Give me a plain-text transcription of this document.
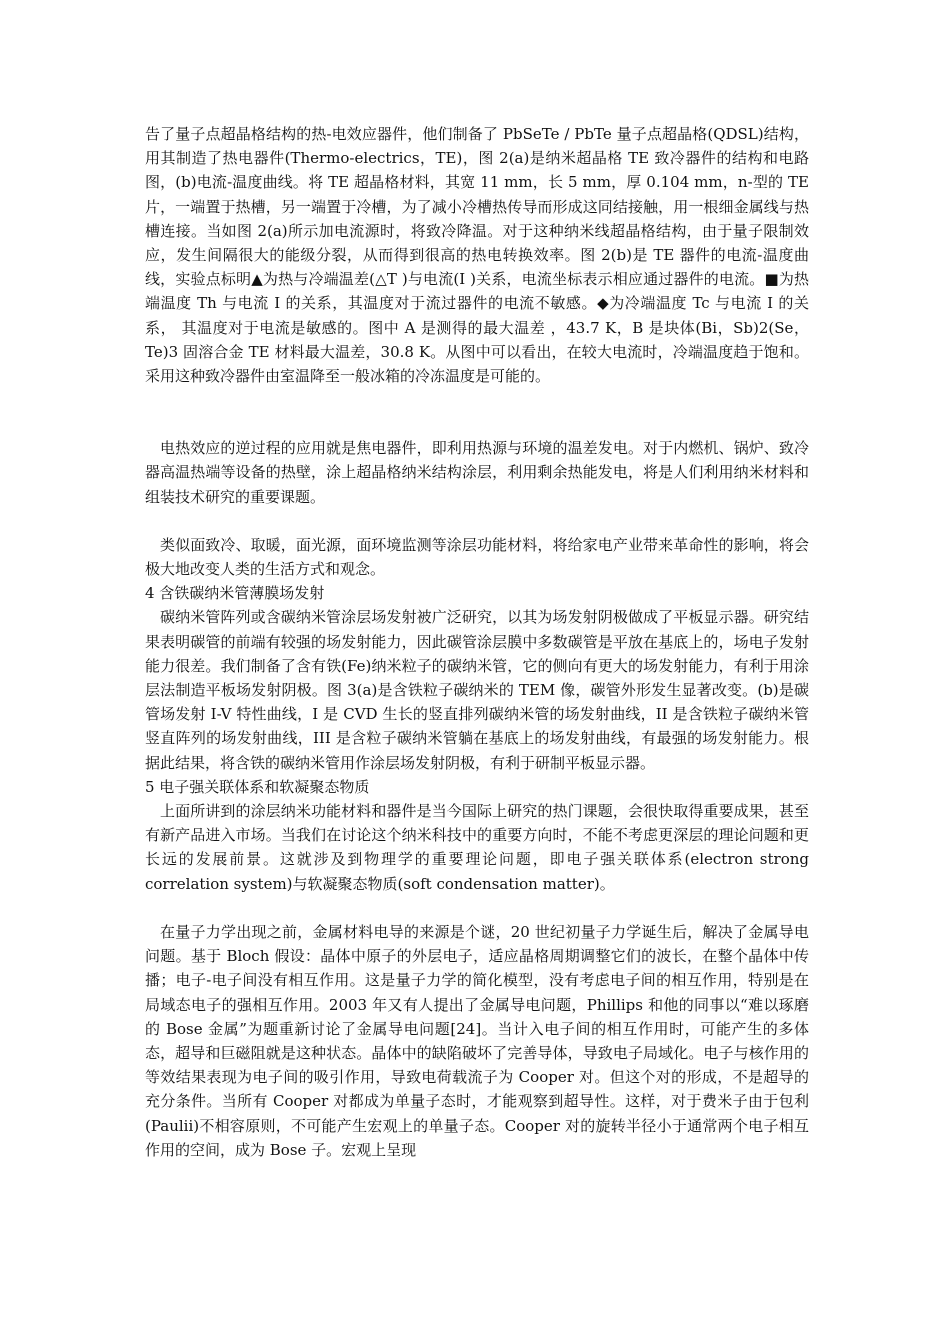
告了量子点超晶格结构的热-电效应器件，他们制备了 PbSeTe / PbTe 量子点超晶格(QDSL)结构，用其制造了热电器件(Thermo-electrics，TE)，图 2(a)是纳米超晶格 TE 致冷器件的结构和电路图，(b)电流-温度曲线。将 TE 超晶格材料，其宽 11 mm，长 5 mm，厚 0.104 mm，n-型的 TE 片，一端置于热槽，另一端置于冷槽，为了减小冷槽热传导而形成这同结接触，用一根细金属线与热槽连接。当如图 2(a)所示加电流源时，将致冷降温。对于这种纳米线超晶格结构，由于量子限制效应，发生间隔很大的能级分裂，从而得到很高的热电转换效率。图 2(b)是 TE 器件的电流-温度曲线，实验点标明▲为热与冷端温差(△T )与电流(I )关系，电流坐标表示相应通过器件的电流。■为热端温度 Th 与电流 I 的关系，其温度对于流过器件的电流不敏感。◆为冷端温度 Tc 与电流 I 的关系， 其温度对于电流是敏感的。图中 A 是测得的最大温差 ，43.7 K，B 是块体(Bi，Sb)2(Se，Te)3 固溶合金 TE 材料最大温差，30.8 K。从图中可以看出，在较大电流时，冷端温度趋于饱和。采用这种致冷器件由室温降至一般冰箱的冷冻温度是可能的。

电热效应的逆过程的应用就是焦电器件，即利用热源与环境的温差发电。对于内燃机、锅炉、致冷器高温热端等设备的热壁，涂上超晶格纳米结构涂层，利用剩余热能发电，将是人们利用纳米材料和组装技术研究的重要课题。

类似面致冷、取暖，面光源，面环境监测等涂层功能材料，将给家电产业带来革命性的影响，将会极大地改变人类的生活方式和观念。

4 含铁碳纳米管薄膜场发射

碳纳米管阵列或含碳纳米管涂层场发射被广泛研究，以其为场发射阴极做成了平板显示器。研究结果表明碳管的前端有较强的场发射能力，因此碳管涂层膜中多数碳管是平放在基底上的，场电子发射能力很差。我们制备了含有铁(Fe)纳米粒子的碳纳米管，它的侧向有更大的场发射能力，有利于用涂层法制造平板场发射阴极。图 3(a)是含铁粒子碳纳米的 TEM 像，碳管外形发生显著改变。(b)是碳管场发射 I-V 特性曲线，I 是 CVD 生长的竖直排列碳纳米管的场发射曲线，II 是含铁粒子碳纳米管竖直阵列的场发射曲线，III 是含粒子碳纳米管躺在基底上的场发射曲线，有最强的场发射能力。根据此结果，将含铁的碳纳米管用作涂层场发射阴极，有利于研制平板显示器。

5 电子强关联体系和软凝聚态物质

上面所讲到的涂层纳米功能材料和器件是当今国际上研究的热门课题，会很快取得重要成果，甚至有新产品进入市场。当我们在讨论这个纳米科技中的重要方向时，不能不考虑更深层的理论问题和更长远的发展前景。这就涉及到物理学的重要理论问题，即电子强关联体系(electron strong correlation system)与软凝聚态物质(soft condensation matter)。

在量子力学出现之前，金属材料电导的来源是个谜，20 世纪初量子力学诞生后，解决了金属导电问题。基于 Bloch 假设：晶体中原子的外层电子，适应晶格周期调整它们的波长，在整个晶体中传播；电子-电子间没有相互作用。这是量子力学的简化模型，没有考虑电子间的相互作用，特别是在局域态电子的强相互作用。2003 年又有人提出了金属导电问题，Phillips 和他的同事以“难以琢磨的 Bose 金属”为题重新讨论了金属导电问题[24]。当计入电子间的相互作用时，可能产生的多体态，超导和巨磁阻就是这种状态。晶体中的缺陷破坏了完善导体，导致电子局域化。电子与核作用的等效结果表现为电子间的吸引作用，导致电荷载流子为 Cooper 对。但这个对的形成，不是超导的充分条件。当所有 Cooper 对都成为单量子态时，才能观察到超导性。这样，对于费米子由于包利(Paulii)不相容原则，不可能产生宏观上的单量子态。Cooper 对的旋转半径小于通常两个电子相互作用的空间，成为 Bose 子。宏观上呈现
